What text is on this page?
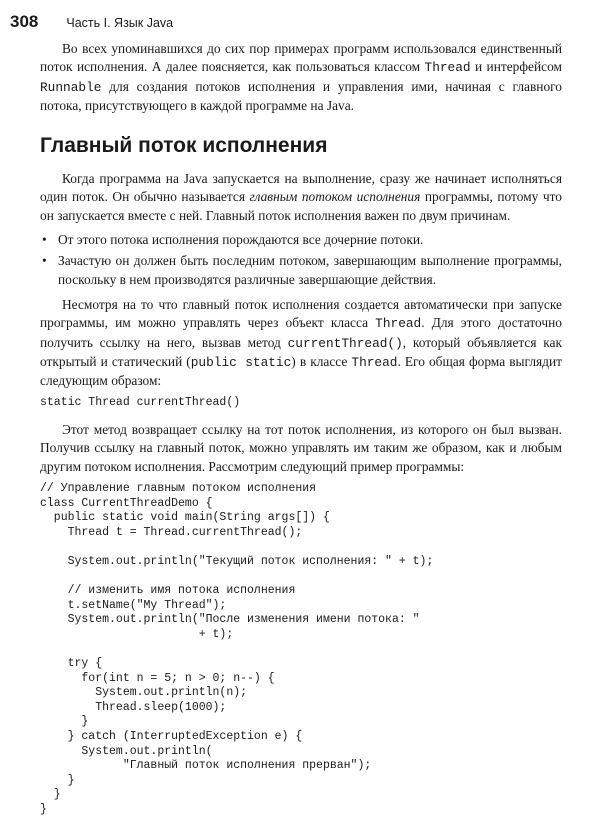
308 Часть I. Язык Java

Во всех упоминавшихся до сих пор примерах программ использовался единственный поток исполнения. А далее поясняется, как пользоваться классом Thread и интерфейсом Runnable для создания потоков исполнения и управления ими, начиная с главного потока, присутствующего в каждой программе на Java.

Главный поток исполнения

Когда программа на Java запускается на выполнение, сразу же начинает исполняться один поток. Он обычно называется главным потоком исполнения программы, потому что он запускается вместе с ней. Главный поток исполнения важен по двум причинам.

• От этого потока исполнения порождаются все дочерние потоки.
• Зачастую он должен быть последним потоком, завершающим выполнение программы, поскольку в нем производятся различные завершающие действия.

Несмотря на то что главный поток исполнения создается автоматически при запуске программы, им можно управлять через объект класса Thread. Для этого достаточно получить ссылку на него, вызвав метод currentThread(), который объявляется как открытый и статический (public static) в классе Thread. Его общая форма выглядит следующим образом:

static Thread currentThread()

Этот метод возвращает ссылку на тот поток исполнения, из которого он был вызван. Получив ссылку на главный поток, можно управлять им таким же образом, как и любым другим потоком исполнения. Рассмотрим следующий пример программы:

// Управление главным потоком исполнения
class CurrentThreadDemo {
public static void main(String args[]) {
Thread t = Thread.currentThread();

System.out.println("Текущий поток исполнения: " + t);

// изменить имя потока исполнения
t.setName("My Thread");
System.out.println("После изменения имени потока: "
+ t);

try {
for(int n = 5; n > 0; n--) {
System.out.println(n);
Thread.sleep(1000);
}
} catch (InterruptedException e) {
System.out.println(
"Главный поток исполнения прерван");
}
}
}
